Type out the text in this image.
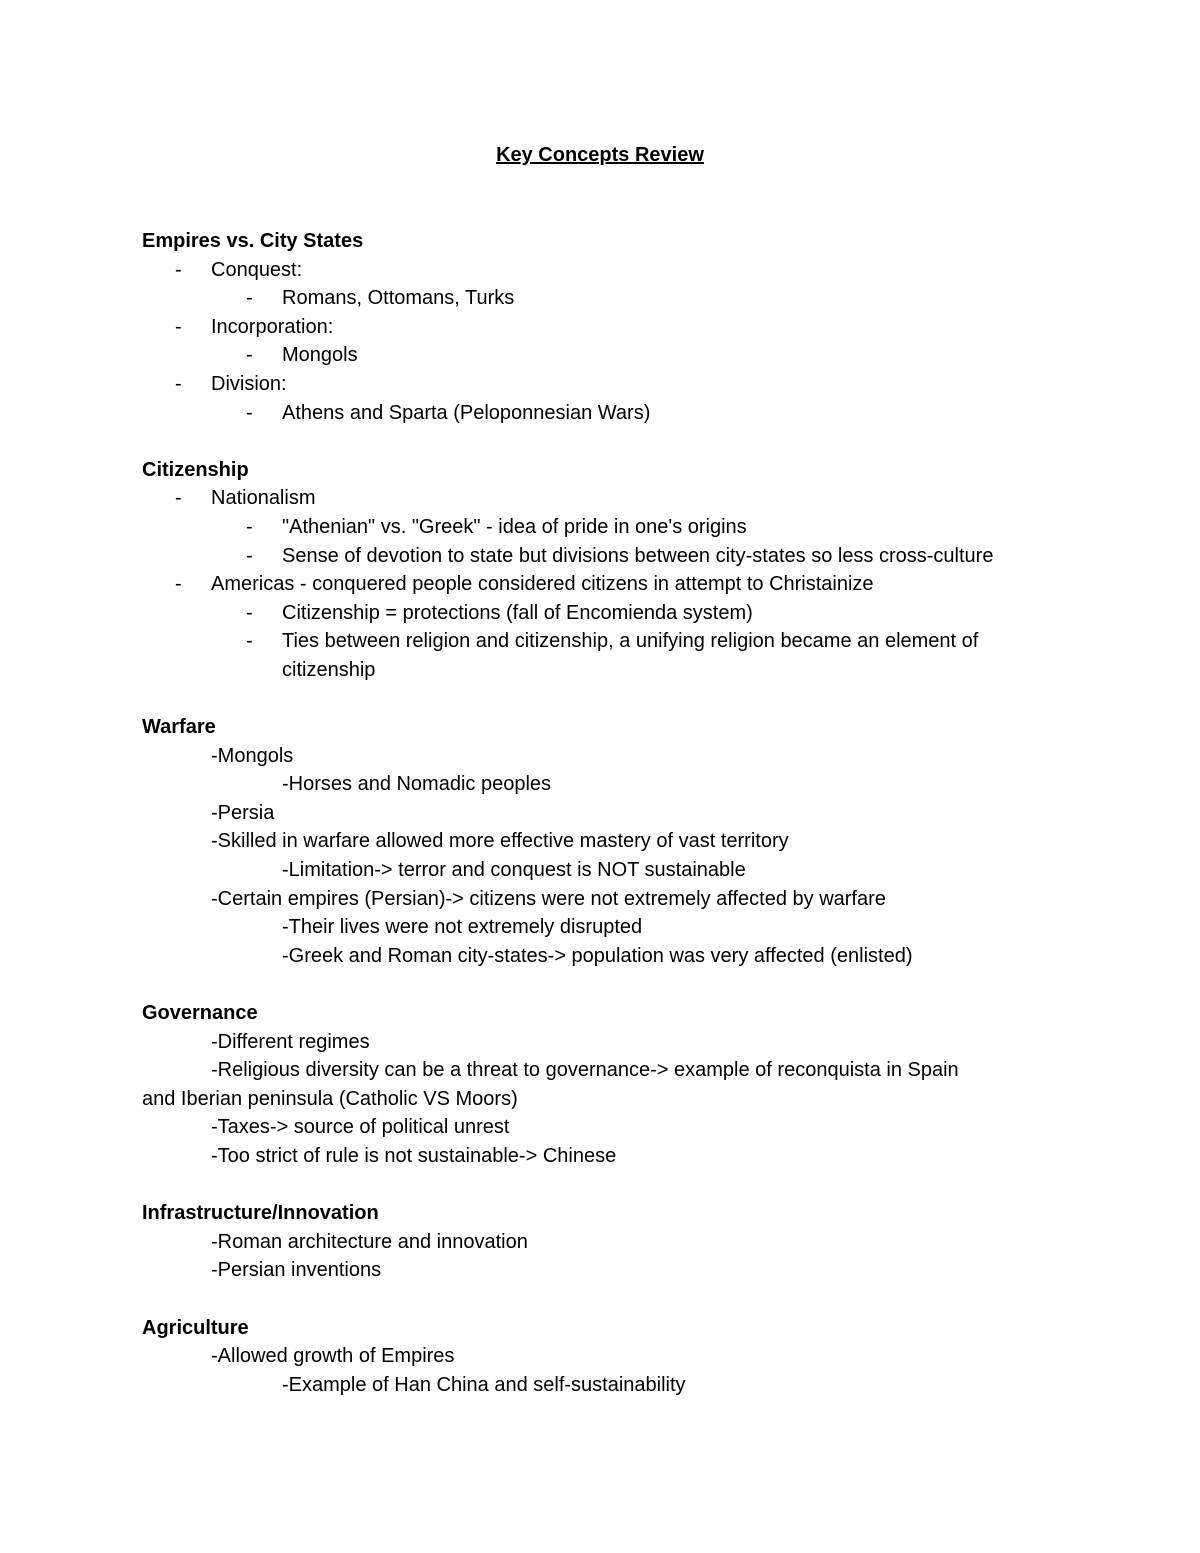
Key Concepts Review
Empires vs. City States
- Conquest:
- Romans, Ottomans, Turks
- Incorporation:
- Mongols
- Division:
- Athens and Sparta (Peloponnesian Wars)
Citizenship
- Nationalism
- "Athenian" vs. "Greek" - idea of pride in one's origins
- Sense of devotion to state but divisions between city-states so less cross-culture
- Americas - conquered people considered citizens in attempt to Christainize
- Citizenship = protections (fall of Encomienda system)
- Ties between religion and citizenship, a unifying religion became an element of
citizenship
Warfare
-Mongols
-Horses and Nomadic peoples
-Persia
-Skilled in warfare allowed more effective mastery of vast territory
-Limitation-> terror and conquest is NOT sustainable
-Certain empires (Persian)-> citizens were not extremely affected by warfare
-Their lives were not extremely disrupted
-Greek and Roman city-states-> population was very affected (enlisted)
Governance
-Different regimes
-Religious diversity can be a threat to governance-> example of reconquista in Spain
and Iberian peninsula (Catholic VS Moors)
-Taxes-> source of political unrest
-Too strict of rule is not sustainable-> Chinese
Infrastructure/Innovation
-Roman architecture and innovation
-Persian inventions
Agriculture
-Allowed growth of Empires
-Example of Han China and self-sustainability
